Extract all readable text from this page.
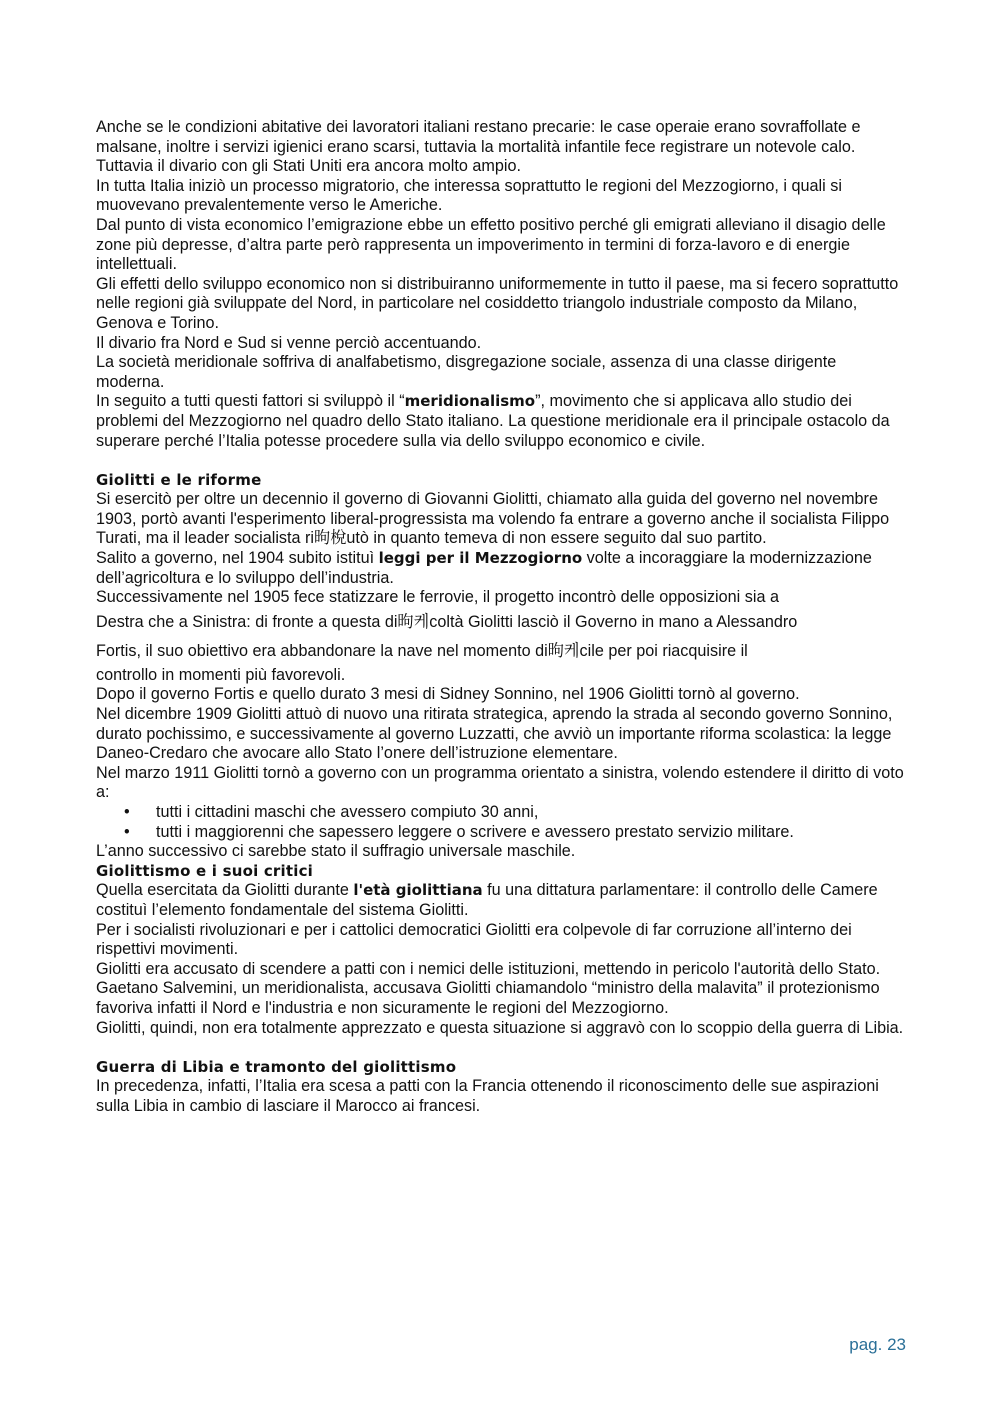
Anche se le condizioni abitative dei lavoratori italiani restano precarie: le case operaie erano sovraffollate e malsane, inoltre i servizi igienici erano scarsi, tuttavia la mortalità infantile fece registrare un notevole calo.

Tuttavia il divario con gli Stati Uniti era ancora molto ampio.

In tutta Italia iniziò un processo migratorio, che interessa soprattutto le regioni del Mezzogiorno, i quali si muovevano prevalentemente verso le Americhe.

Dal punto di vista economico l’emigrazione ebbe un effetto positivo perché gli emigrati alleviano il disagio delle zone più depresse, d’altra parte però rappresenta un impoverimento in termini di forza-lavoro e di energie intellettuali.

Gli effetti dello sviluppo economico non si distribuiranno uniformemente in tutto il paese, ma si fecero soprattutto nelle regioni già sviluppate del Nord, in particolare nel cosiddetto triangolo industriale composto da Milano, Genova e Torino.

Il divario fra Nord e Sud si venne perciò accentuando.

La società meridionale soffriva di analfabetismo, disgregazione sociale, assenza di una classe dirigente moderna.

In seguito a tutti questi fattori si sviluppò il “meridionalismo”, movimento che si applicava allo studio dei problemi del Mezzogiorno nel quadro dello Stato italiano. La questione meridionale era il principale ostacolo da superare perché l’Italia potesse procedere sulla via dello sviluppo economico e civile.

Giolitti e le riforme

Si esercitò per oltre un decennio il governo di Giovanni Giolitti, chiamato alla guida del governo nel novembre 1903, portò avanti l'esperimento liberal-progressista ma volendo fa entrare a governo anche il socialista Filippo Turati, ma il leader socialista ri昫梲utò in quanto temeva di non essere seguito dal suo partito.

Salito a governo, nel 1904 subito istituì leggi per il Mezzogiorno volte a incoraggiare la modernizzazione dell’agricoltura e lo sviluppo dell’industria.

Successivamente nel 1905 fece statizzare le ferrovie, il progetto incontrò delle opposizioni sia a

Destra che a Sinistra: di fronte a questa di昫케coltà Giolitti lasciò il Governo in mano a Alessandro

Fortis, il suo obiettivo era abbandonare la nave nel momento di昫케cile per poi riacquisire il

controllo in momenti più favorevoli.

Dopo il governo Fortis e quello durato 3 mesi di Sidney Sonnino, nel 1906 Giolitti tornò al governo.

Nel dicembre 1909 Giolitti attuò di nuovo una ritirata strategica, aprendo la strada al secondo governo Sonnino, durato pochissimo, e successivamente al governo Luzzatti, che avviò un importante riforma scolastica: la legge Daneo-Credaro che avocare allo Stato l’onere dell’istruzione elementare.

Nel marzo 1911 Giolitti tornò a governo con un programma orientato a sinistra, volendo estendere il diritto di voto a:

• tutti i cittadini maschi che avessero compiuto 30 anni,
• tutti i maggiorenni che sapessero leggere o scrivere e avessero prestato servizio militare.

L’anno successivo ci sarebbe stato il suffragio universale maschile.

Giolittismo e i suoi critici

Quella esercitata da Giolitti durante l'età giolittiana fu una dittatura parlamentare: il controllo delle Camere costituì l’elemento fondamentale del sistema Giolitti.

Per i socialisti rivoluzionari e per i cattolici democratici Giolitti era colpevole di far corruzione all’interno dei rispettivi movimenti.

Giolitti era accusato di scendere a patti con i nemici delle istituzioni, mettendo in pericolo l'autorità dello Stato.

Gaetano Salvemini, un meridionalista, accusava Giolitti chiamandolo “ministro della malavita” il protezionismo favoriva infatti il Nord e l'industria e non sicuramente le regioni del Mezzogiorno.

Giolitti, quindi, non era totalmente apprezzato e questa situazione si aggravò con lo scoppio della guerra di Libia.

Guerra di Libia e tramonto del giolittismo

In precedenza, infatti, l’Italia era scesa a patti con la Francia ottenendo il riconoscimento delle sue aspirazioni sulla Libia in cambio di lasciare il Marocco ai francesi.

pag. 23
